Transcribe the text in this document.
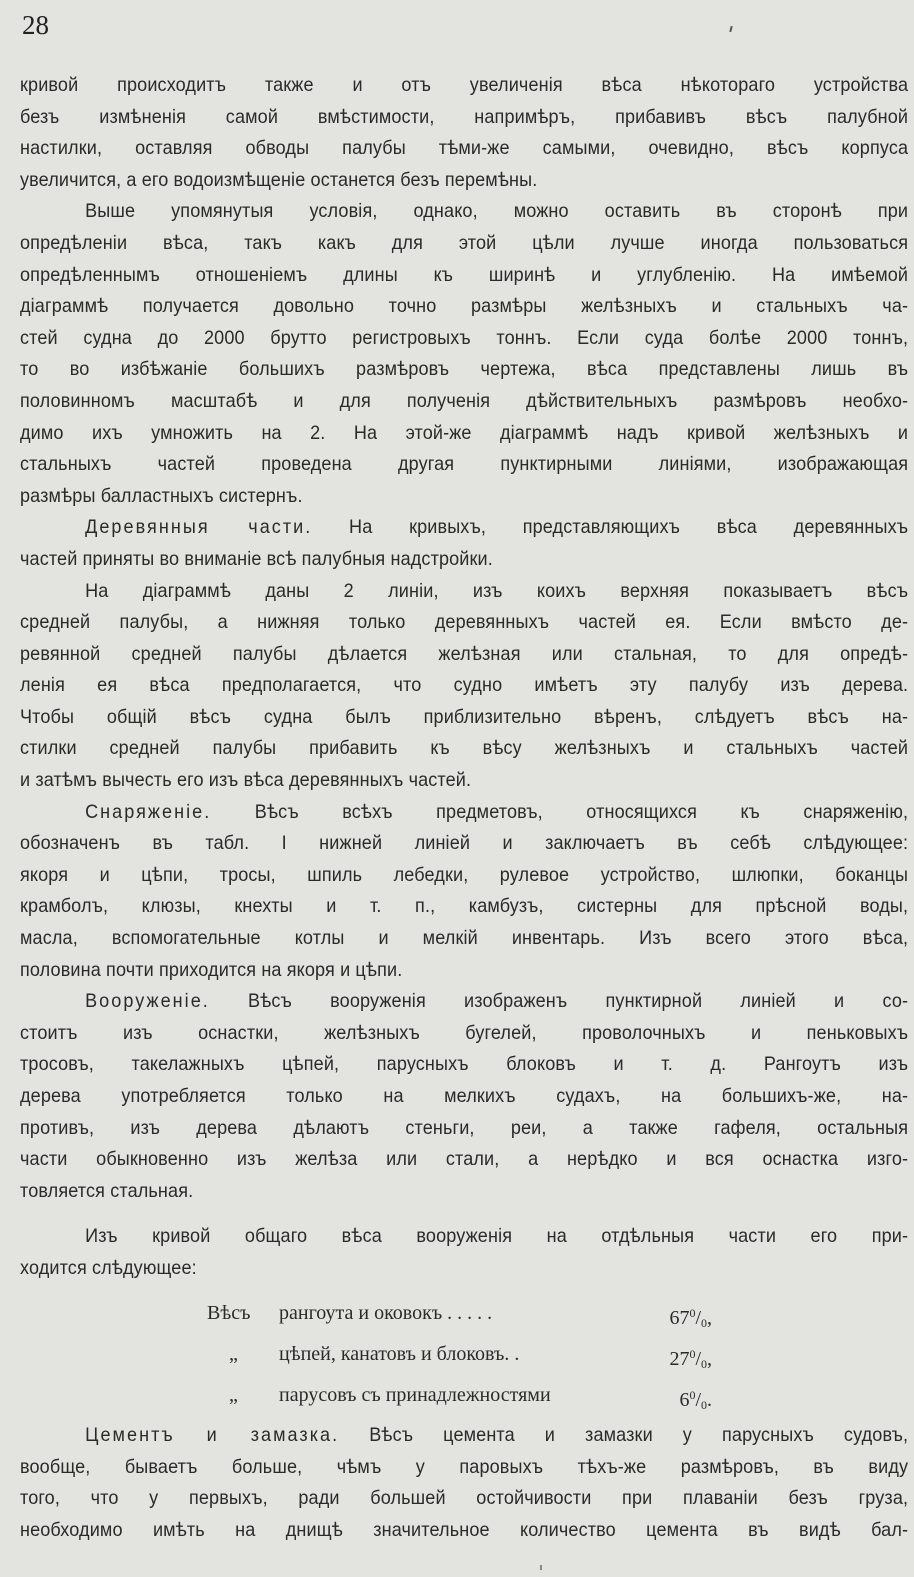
28
кривой происходитъ также и отъ увеличенія вѣса нѣкотораго устройства
безъ измѣненія самой вмѣстимости, напримѣръ, прибавивъ вѣсъ палубной
настилки, оставляя обводы палубы тѣми-же самыми, очевидно, вѣсъ корпуса
увеличится, а его водоизмѣщеніе останется безъ перемѣны.
Выше упомянутыя условія, однако, можно оставить въ сторонѣ при
опредѣленіи вѣса, такъ какъ для этой цѣли лучше иногда пользоваться
опредѣленнымъ отношеніемъ длины къ ширинѣ и углубленію. На имѣемой
діаграммѣ получается довольно точно размѣры желѣзныхъ и стальныхъ ча-
стей судна до 2000 брутто регистровыхъ тоннъ. Если суда болѣе 2000 тоннъ,
то во избѣжаніе большихъ размѣровъ чертежа, вѣса представлены лишь въ
половинномъ масштабѣ и для полученія дѣйствительныхъ размѣровъ необхо-
димо ихъ умножить на 2. На этой-же діаграммѣ надъ кривой желѣзныхъ и
стальныхъ частей проведена другая пунктирными линіями, изображающая
размѣры балластныхъ систернъ.
Деревянныя части. На кривыхъ, представляющихъ вѣса деревянныхъ
частей приняты во вниманіе всѣ палубныя надстройки.
На діаграммѣ даны 2 линіи, изъ коихъ верхняя показываетъ вѣсъ
средней палубы, а нижняя только деревянныхъ частей ея. Если вмѣсто де-
ревянной средней палубы дѣлается желѣзная или стальная, то для опредѣ-
ленія ея вѣса предполагается, что судно имѣетъ эту палубу изъ дерева.
Чтобы общій вѣсъ судна былъ приблизительно вѣренъ, слѣдуетъ вѣсъ на-
стилки средней палубы прибавить къ вѣсу желѣзныхъ и стальныхъ частей
и затѣмъ вычесть его изъ вѣса деревянныхъ частей.
Снаряженіе. Вѣсъ всѣхъ предметовъ, относящихся къ снаряженію,
обозначенъ въ табл. I нижней линіей и заключаетъ въ себѣ слѣдующее:
якоря и цѣпи, тросы, шпиль лебедки, рулевое устройство, шлюпки, боканцы
крамболъ, клюзы, кнехты и т. п., камбузъ, систерны для прѣсной воды,
масла, вспомогательные котлы и мелкій инвентарь. Изъ всего этого вѣса,
половина почти приходится на якоря и цѣпи.
Вооруженіе. Вѣсъ вооруженія изображенъ пунктирной линіей и со-
стоитъ изъ оснастки, желѣзныхъ бугелей, проволочныхъ и пеньковыхъ
тросовъ, такелажныхъ цѣпей, парусныхъ блоковъ и т. д. Рангоутъ изъ
дерева употребляется только на мелкихъ судахъ, на большихъ-же, на-
противъ, изъ дерева дѣлаютъ стеньги, реи, а также гафеля, остальныя
части обыкновенно изъ желѣза или стали, а нерѣдко и вся оснастка изго-
товляется стальная.
Изъ кривой общаго вѣса вооруженія на отдѣльныя части его при-
ходится слѣдующее:
Вѣсъ	рангоута и оковокъ . . . . .	$67^0/_0$,
„	цѣпей, канатовъ и блоковъ. .	$27^0/_0$,
„	парусовъ съ принадлежностями	$6^0/_0$.
Цементъ и замазка. Вѣсъ цемента и замазки у парусныхъ судовъ,
вообще, бываетъ больше, чѣмъ у паровыхъ тѣхъ-же размѣровъ, въ виду
того, что у первыхъ, ради большей остойчивости при плаваніи безъ груза,
необходимо имѣть на днищѣ значительное количество цемента въ видѣ бал-
